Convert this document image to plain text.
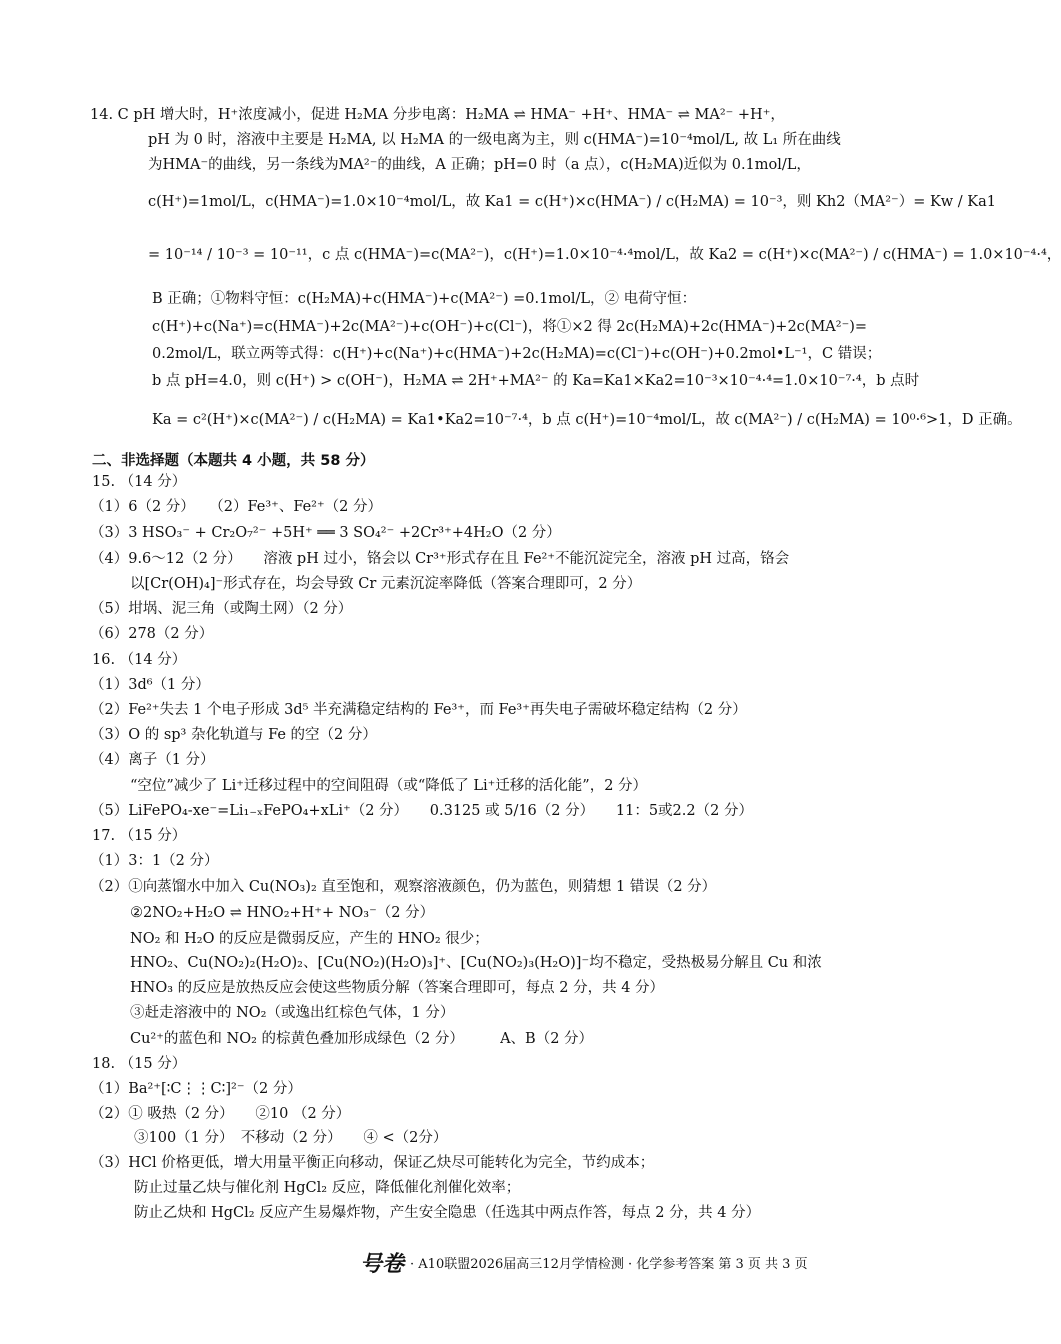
14. C pH 增大时，H⁺浓度减小，促进 H₂MA 分步电离：H₂MA ⇌ HMA⁻ +H⁺、HMA⁻ ⇌ MA²⁻ +H⁺，
pH 为 0 时，溶液中主要是 H₂MA, 以 H₂MA 的一级电离为主，则 c(HMA⁻)=10⁻⁴mol/L, 故 L₁ 所在曲线
为HMA⁻的曲线，另一条线为MA²⁻的曲线，A 正确；pH=0 时（a 点），c(H₂MA)近似为 0.1mol/L，
c(H⁺)=1mol/L，c(HMA⁻)=1.0×10⁻⁴mol/L，故 Ka1 = c(H⁺)×c(HMA⁻) / c(H₂MA) = 10⁻³，则 Kh2（MA²⁻）= Kw / Ka1
= 10⁻¹⁴ / 10⁻³ = 10⁻¹¹，c 点 c(HMA⁻)=c(MA²⁻)，c(H⁺)=1.0×10⁻⁴·⁴mol/L，故 Ka2 = c(H⁺)×c(MA²⁻) / c(HMA⁻) = 1.0×10⁻⁴·⁴，
B 正确；①物料守恒：c(H₂MA)+c(HMA⁻)+c(MA²⁻) =0.1mol/L，② 电荷守恒：
c(H⁺)+c(Na⁺)=c(HMA⁻)+2c(MA²⁻)+c(OH⁻)+c(Cl⁻)，将①×2 得 2c(H₂MA)+2c(HMA⁻)+2c(MA²⁻)=
0.2mol/L，联立两等式得：c(H⁺)+c(Na⁺)+c(HMA⁻)+2c(H₂MA)=c(Cl⁻)+c(OH⁻)+0.2mol•L⁻¹，C 错误；
b 点 pH=4.0，则 c(H⁺) > c(OH⁻)，H₂MA ⇌ 2H⁺+MA²⁻ 的 Ka=Ka1×Ka2=10⁻³×10⁻⁴·⁴=1.0×10⁻⁷·⁴，b 点时
Ka = c²(H⁺)×c(MA²⁻) / c(H₂MA) = Ka1•Ka2=10⁻⁷·⁴，b 点 c(H⁺)=10⁻⁴mol/L，故 c(MA²⁻) / c(H₂MA) = 10⁰·⁶>1，D 正确。
二、非选择题（本题共 4 小题，共 58 分）
15. （14 分）
（1）6（2 分）　　（2）Fe³⁺、Fe²⁺（2 分）
（3）3 HSO₃⁻ + Cr₂O₇²⁻ +5H⁺ ══ 3 SO₄²⁻ +2Cr³⁺+4H₂O（2 分）
（4）9.6～12（2 分）　　溶液 pH 过小，铬会以 Cr³⁺形式存在且 Fe²⁺不能沉淀完全，溶液 pH 过高，铬会
以[Cr(OH)₄]⁻形式存在，均会导致 Cr 元素沉淀率降低（答案合理即可，2 分）
（5）坩埚、泥三角（或陶土网）（2 分）
（6）278（2 分）
16. （14 分）
（1）3d⁶（1 分）
（2）Fe²⁺失去 1 个电子形成 3d⁵ 半充满稳定结构的 Fe³⁺，而 Fe³⁺再失电子需破坏稳定结构（2 分）
（3）O 的 sp³ 杂化轨道与 Fe 的空（2 分）
（4）离子（1 分）
“空位”减少了 Li⁺迁移过程中的空间阻碍（或“降低了 Li⁺迁移的活化能”，2 分）
（5）LiFePO₄-xe⁻=Li₁₋ₓFePO₄+xLi⁺（2 分）　　0.3125 或 5/16（2 分）　　11：5或2.2（2 分）
17. （15 分）
（1）3：1（2 分）
（2）①向蒸馏水中加入 Cu(NO₃)₂ 直至饱和，观察溶液颜色，仍为蓝色，则猜想 1 错误（2 分）
②2NO₂+H₂O ⇌ HNO₂+H⁺+ NO₃⁻（2 分）
NO₂ 和 H₂O 的反应是微弱反应，产生的 HNO₂ 很少；
HNO₂、Cu(NO₂)₂(H₂O)₂、[Cu(NO₂)(H₂O)₃]⁺、[Cu(NO₂)₃(H₂O)]⁻均不稳定，受热极易分解且 Cu 和浓
HNO₃ 的反应是放热反应会使这些物质分解（答案合理即可，每点 2 分，共 4 分）
③赶走溶液中的 NO₂（或逸出红棕色气体，1 分）
Cu²⁺的蓝色和 NO₂ 的棕黄色叠加形成绿色（2 分）　　　A、B（2 分）
18. （15 分）
（1）Ba²⁺[∶C⋮⋮C∶]²⁻（2 分）
（2）① 吸热（2 分）　　②10 （2 分）
③100（1 分）　不移动（2 分）　　④ <（2分）
（3）HCl 价格更低，增大用量平衡正向移动，保证乙炔尽可能转化为完全，节约成本；
防止过量乙炔与催化剂 HgCl₂ 反应，降低催化剂催化效率；
防止乙炔和 HgCl₂ 反应产生易爆炸物，产生安全隐患（任选其中两点作答，每点 2 分，共 4 分）
号卷 · A10联盟2026届高三12月学情检测 · 化学参考答案 第 3 页 共 3 页
